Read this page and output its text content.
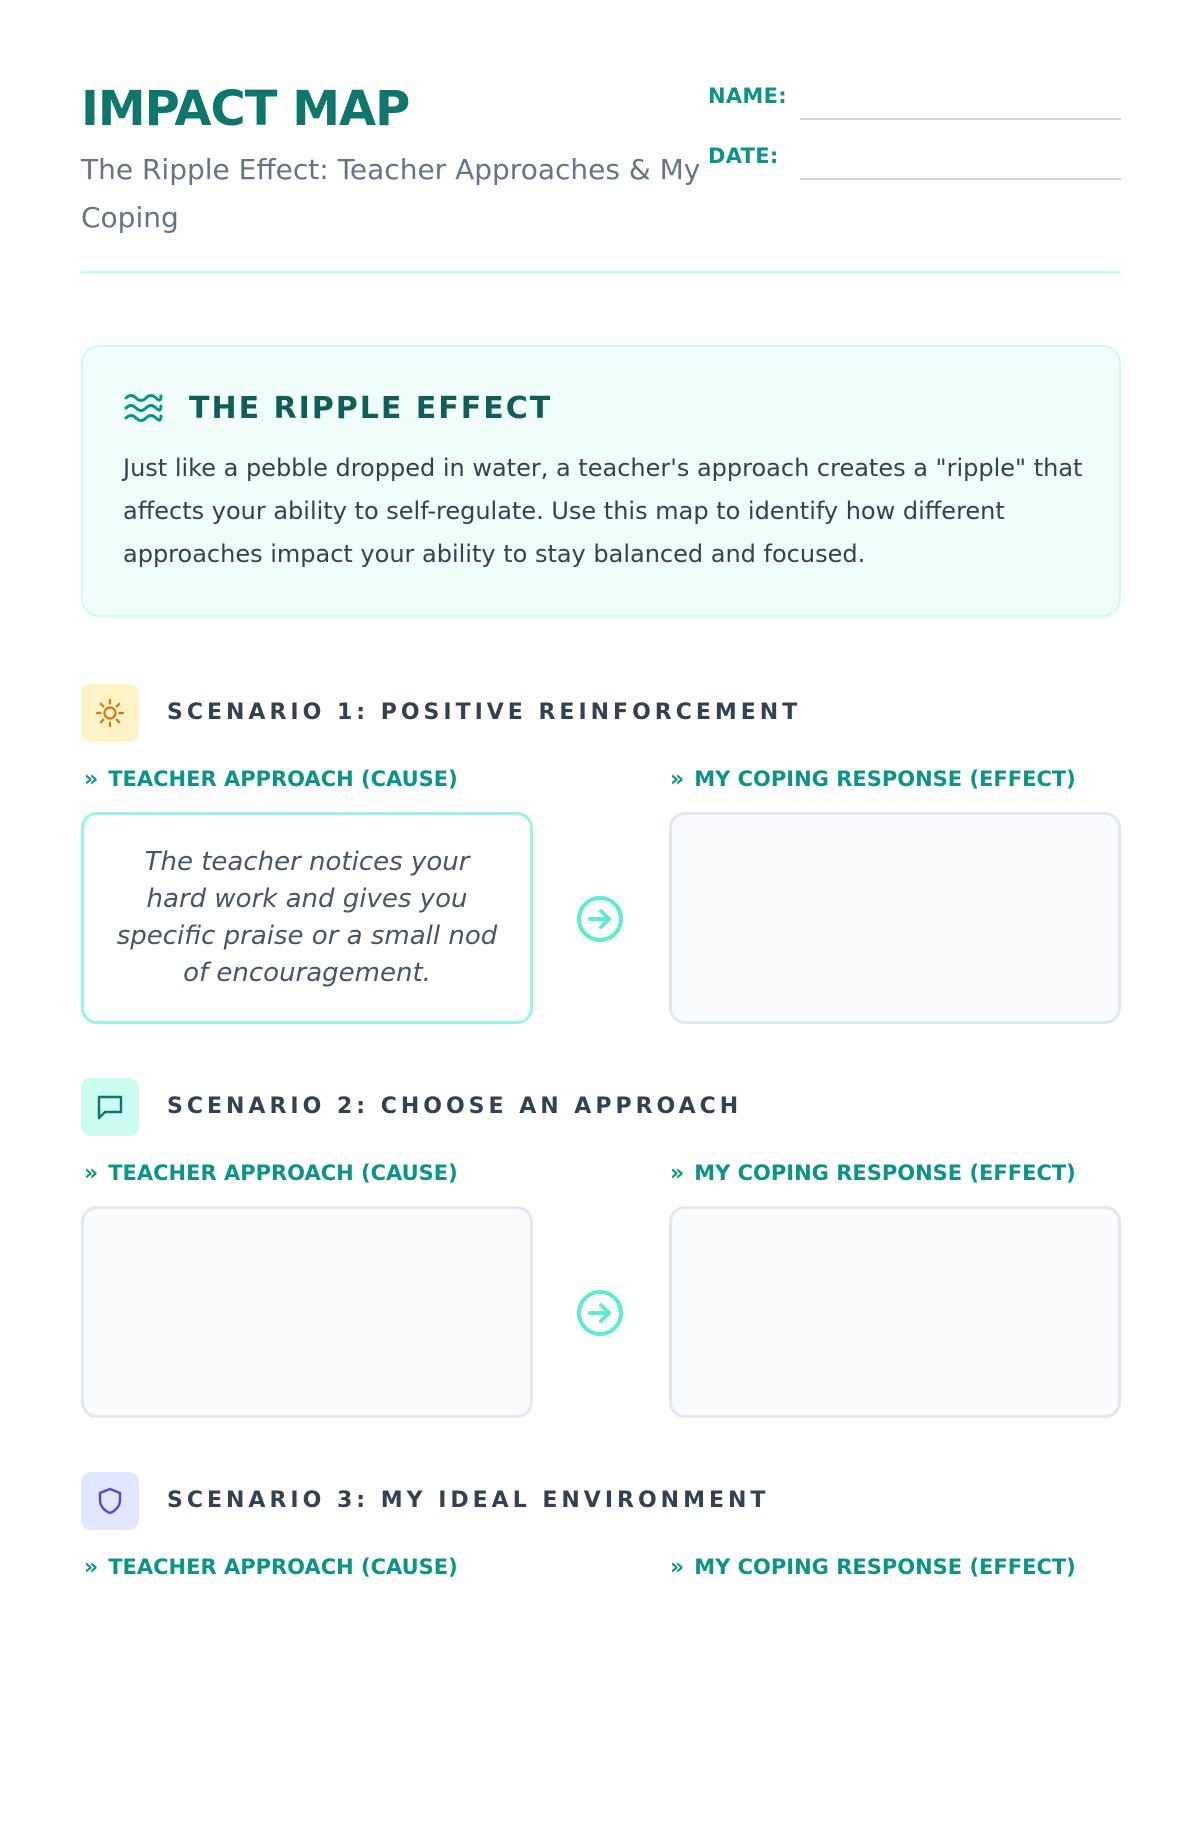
IMPACT MAP

The Ripple Effect: Teacher Approaches & My Coping

NAME:
DATE:
THE RIPPLE EFFECT

Just like a pebble dropped in water, a teacher's approach creates a "ripple" that affects your ability to self-regulate. Use this map to identify how different approaches impact your ability to stay balanced and focused.

SCENARIO 1: POSITIVE REINFORCEMENT
» TEACHER APPROACH (CAUSE)	» MY COPING RESPONSE (EFFECT)

The teacher notices your hard work and gives you specific praise or a small nod of encouragement.

SCENARIO 2: CHOOSE AN APPROACH
» TEACHER APPROACH (CAUSE)	» MY COPING RESPONSE (EFFECT)
SCENARIO 3: MY IDEAL ENVIRONMENT
» TEACHER APPROACH (CAUSE)	» MY COPING RESPONSE (EFFECT)
